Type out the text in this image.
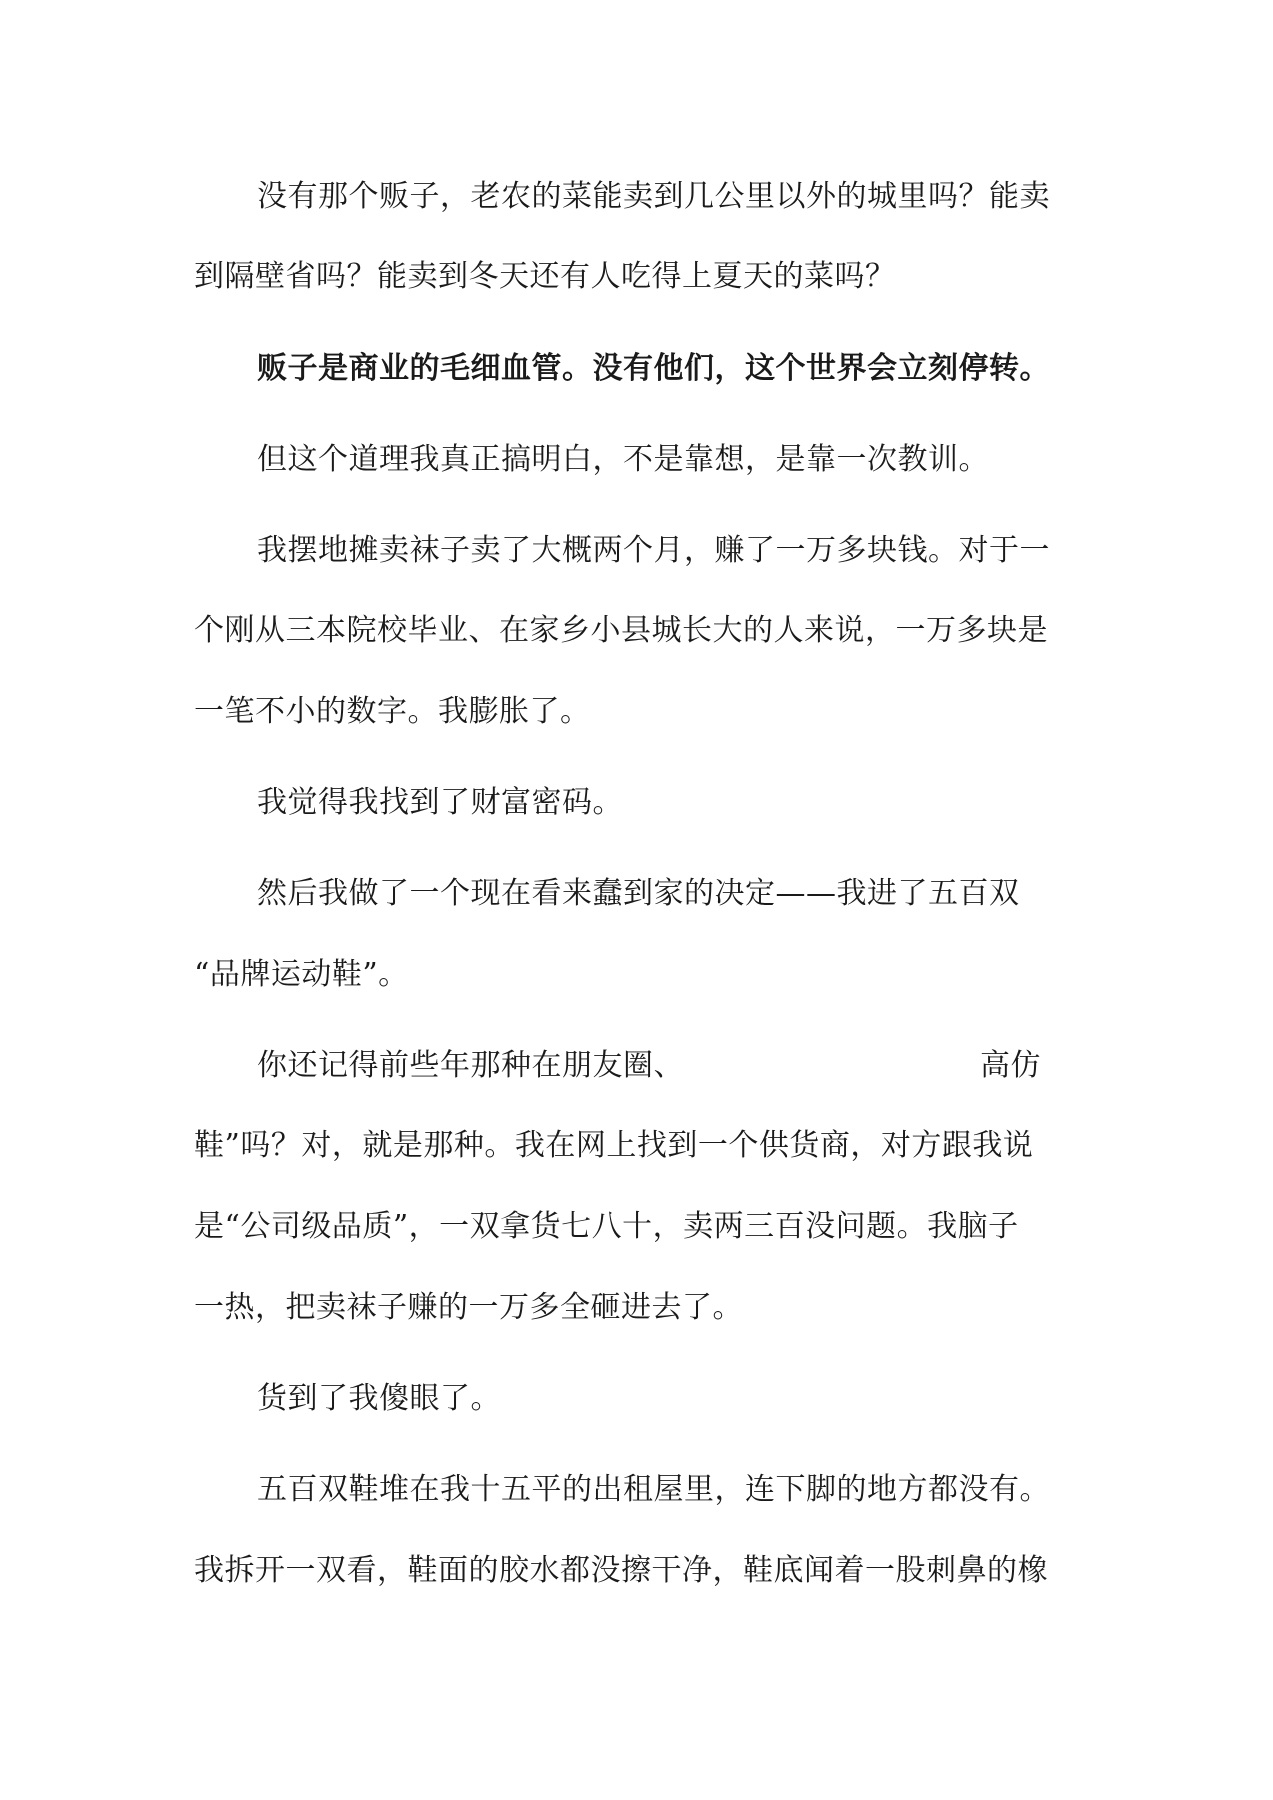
没有那个贩子，老农的菜能卖到几公里以外的城里吗？能卖
到隔壁省吗？能卖到冬天还有人吃得上夏天的菜吗？
贩子是商业的毛细血管。没有他们，这个世界会立刻停转。
但这个道理我真正搞明白，不是靠想，是靠一次教训。
我摆地摊卖袜子卖了大概两个月，赚了一万多块钱。对于一
个刚从三本院校毕业、在家乡小县城长大的人来说，一万多块是
一笔不小的数字。我膨胀了。
我觉得我找到了财富密码。
然后我做了一个现在看来蠢到家的决定——我进了五百双
“品牌运动鞋”。
你还记得前些年那种在朋友圈、	高仿
鞋”吗？对，就是那种。我在网上找到一个供货商，对方跟我说
是“公司级品质”，一双拿货七八十，卖两三百没问题。我脑子
一热，把卖袜子赚的一万多全砸进去了。
货到了我傻眼了。
五百双鞋堆在我十五平的出租屋里，连下脚的地方都没有。
我拆开一双看，鞋面的胶水都没擦干净，鞋底闻着一股刺鼻的橡
